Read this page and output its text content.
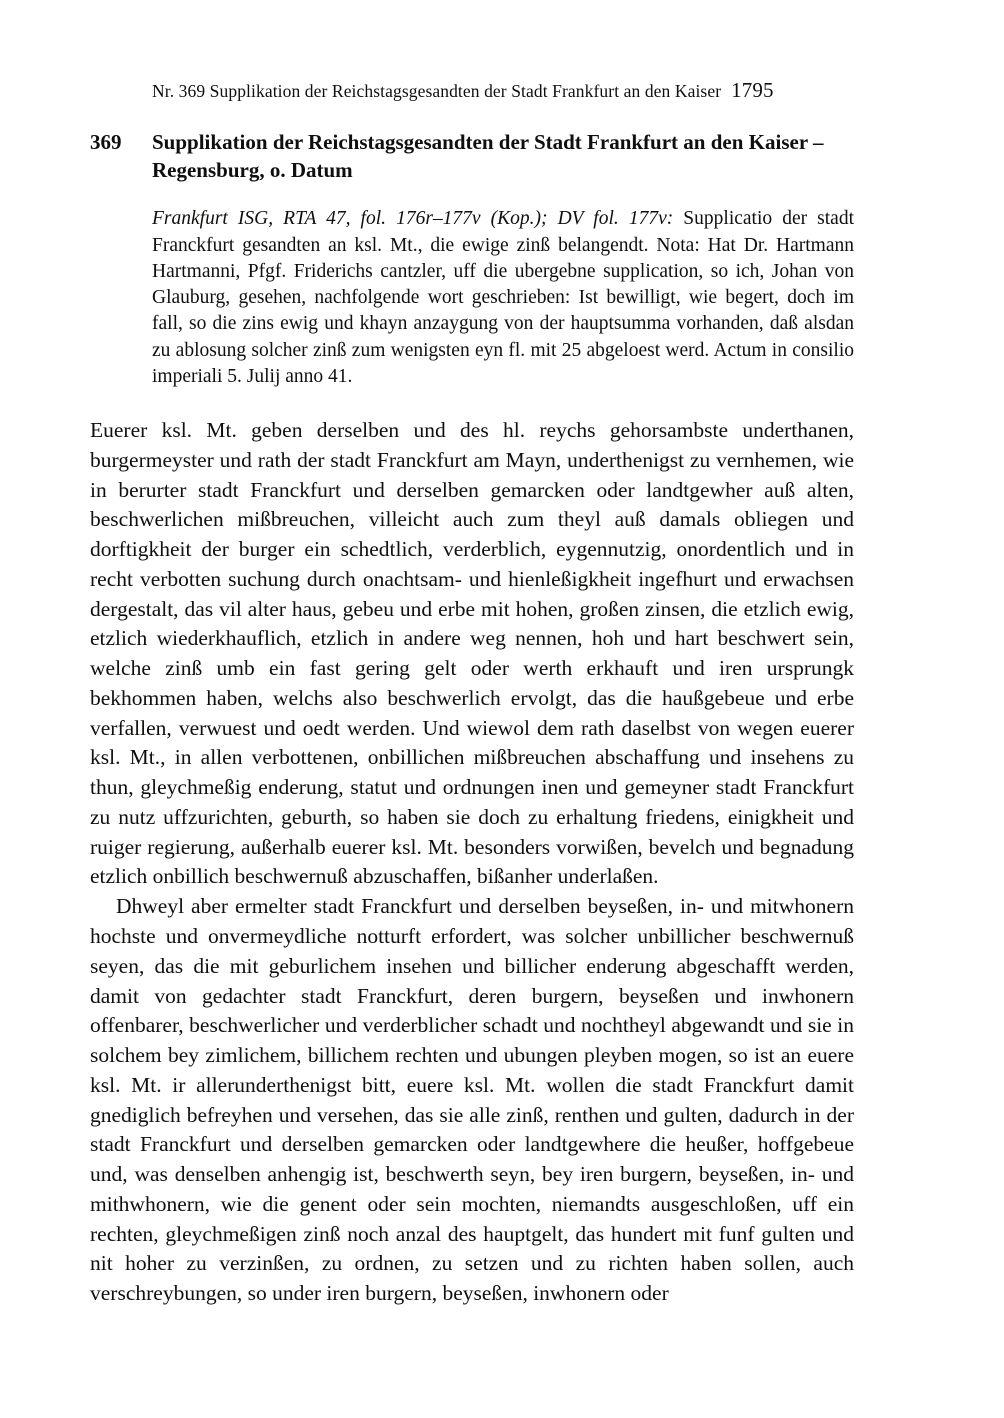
Nr. 369 Supplikation der Reichstagsgesandten der Stadt Frankfurt an den Kaiser 1795
369	Supplikation der Reichstagsgesandten der Stadt Frankfurt an den Kaiser – Regensburg, o. Datum
Frankfurt ISG, RTA 47, fol. 176r–177v (Kop.); DV fol. 177v: Supplicatio der stadt Franckfurt gesandten an ksl. Mt., die ewige zinß belangendt. Nota: Hat Dr. Hartmann Hartmanni, Pfgf. Friderichs cantzler, uff die ubergebne supplication, so ich, Johan von Glauburg, gesehen, nachfolgende wort geschrieben: Ist bewilligt, wie begert, doch im fall, so die zins ewig und khayn anzaygung von der hauptsumma vorhanden, daß alsdan zu ablosung solcher zinß zum wenigsten eyn fl. mit 25 abgeloest werd. Actum in consilio imperiali 5. Julij anno 41.

Euerer ksl. Mt. geben derselben und des hl. reychs gehorsambste underthanen, burgermeyster und rath der stadt Franckfurt am Mayn, underthenigst zu vernhemen, wie in berurter stadt Franckfurt und derselben gemarcken oder landtgewher auß alten, beschwerlichen mißbreuchen, villeicht auch zum theyl auß damals obliegen und dorftigkheit der burger ein schedtlich, verderblich, eygennutzig, onordentlich und in recht verbotten suchung durch onachtsam- und hienleßigkheit ingefhurt und erwachsen dergestalt, das vil alter haus, gebeu und erbe mit hohen, großen zinsen, die etzlich ewig, etzlich wiederkhauflich, etzlich in andere weg nennen, hoh und hart beschwert sein, welche zinß umb ein fast gering gelt oder werth erkhauft und iren ursprungk bekhommen haben, welchs also beschwerlich ervolgt, das die haußgebeue und erbe verfallen, verwuest und oedt werden. Und wiewol dem rath daselbst von wegen euerer ksl. Mt., in allen verbottenen, onbillichen mißbreuchen abschaffung und insehens zu thun, gleychmeßig enderung, statut und ordnungen inen und gemeyner stadt Franckfurt zu nutz uffzurichten, geburth, so haben sie doch zu erhaltung friedens, einigkheit und ruiger regierung, außerhalb euerer ksl. Mt. besonders vorwißen, bevelch und begnadung etzlich onbillich beschwernuß abzuschaffen, bißanher underlaßen.

Dhweyl aber ermelter stadt Franckfurt und derselben beyseßen, in- und mitwhonern hochste und onvermeydliche notturft erfordert, was solcher unbillicher beschwernuß seyen, das die mit geburlichem insehen und billicher enderung abgeschafft werden, damit von gedachter stadt Franckfurt, deren burgern, beyseßen und inwhonern offenbarer, beschwerlicher und verderblicher schadt und nochtheyl abgewandt und sie in solchem bey zimlichem, billichem rechten und ubungen pleyben mogen, so ist an euere ksl. Mt. ir allerunderthenigst bitt, euere ksl. Mt. wollen die stadt Franckfurt damit gnediglich befreyhen und versehen, das sie alle zinß, renthen und gulten, dadurch in der stadt Franckfurt und derselben gemarcken oder landtgewhere die heußer, hoffgebeue und, was denselben anhengig ist, beschwerth seyn, bey iren burgern, beyseßen, in- und mithwhonern, wie die genent oder sein mochten, niemandts ausgeschloßen, uff ein rechten, gleychmeßigen zinß noch anzal des hauptgelt, das hundert mit funf gulten und nit hoher zu verzinßen, zu ordnen, zu setzen und zu richten haben sollen, auch verschreybungen, so under iren burgern, beyseßen, inwhonern oder
